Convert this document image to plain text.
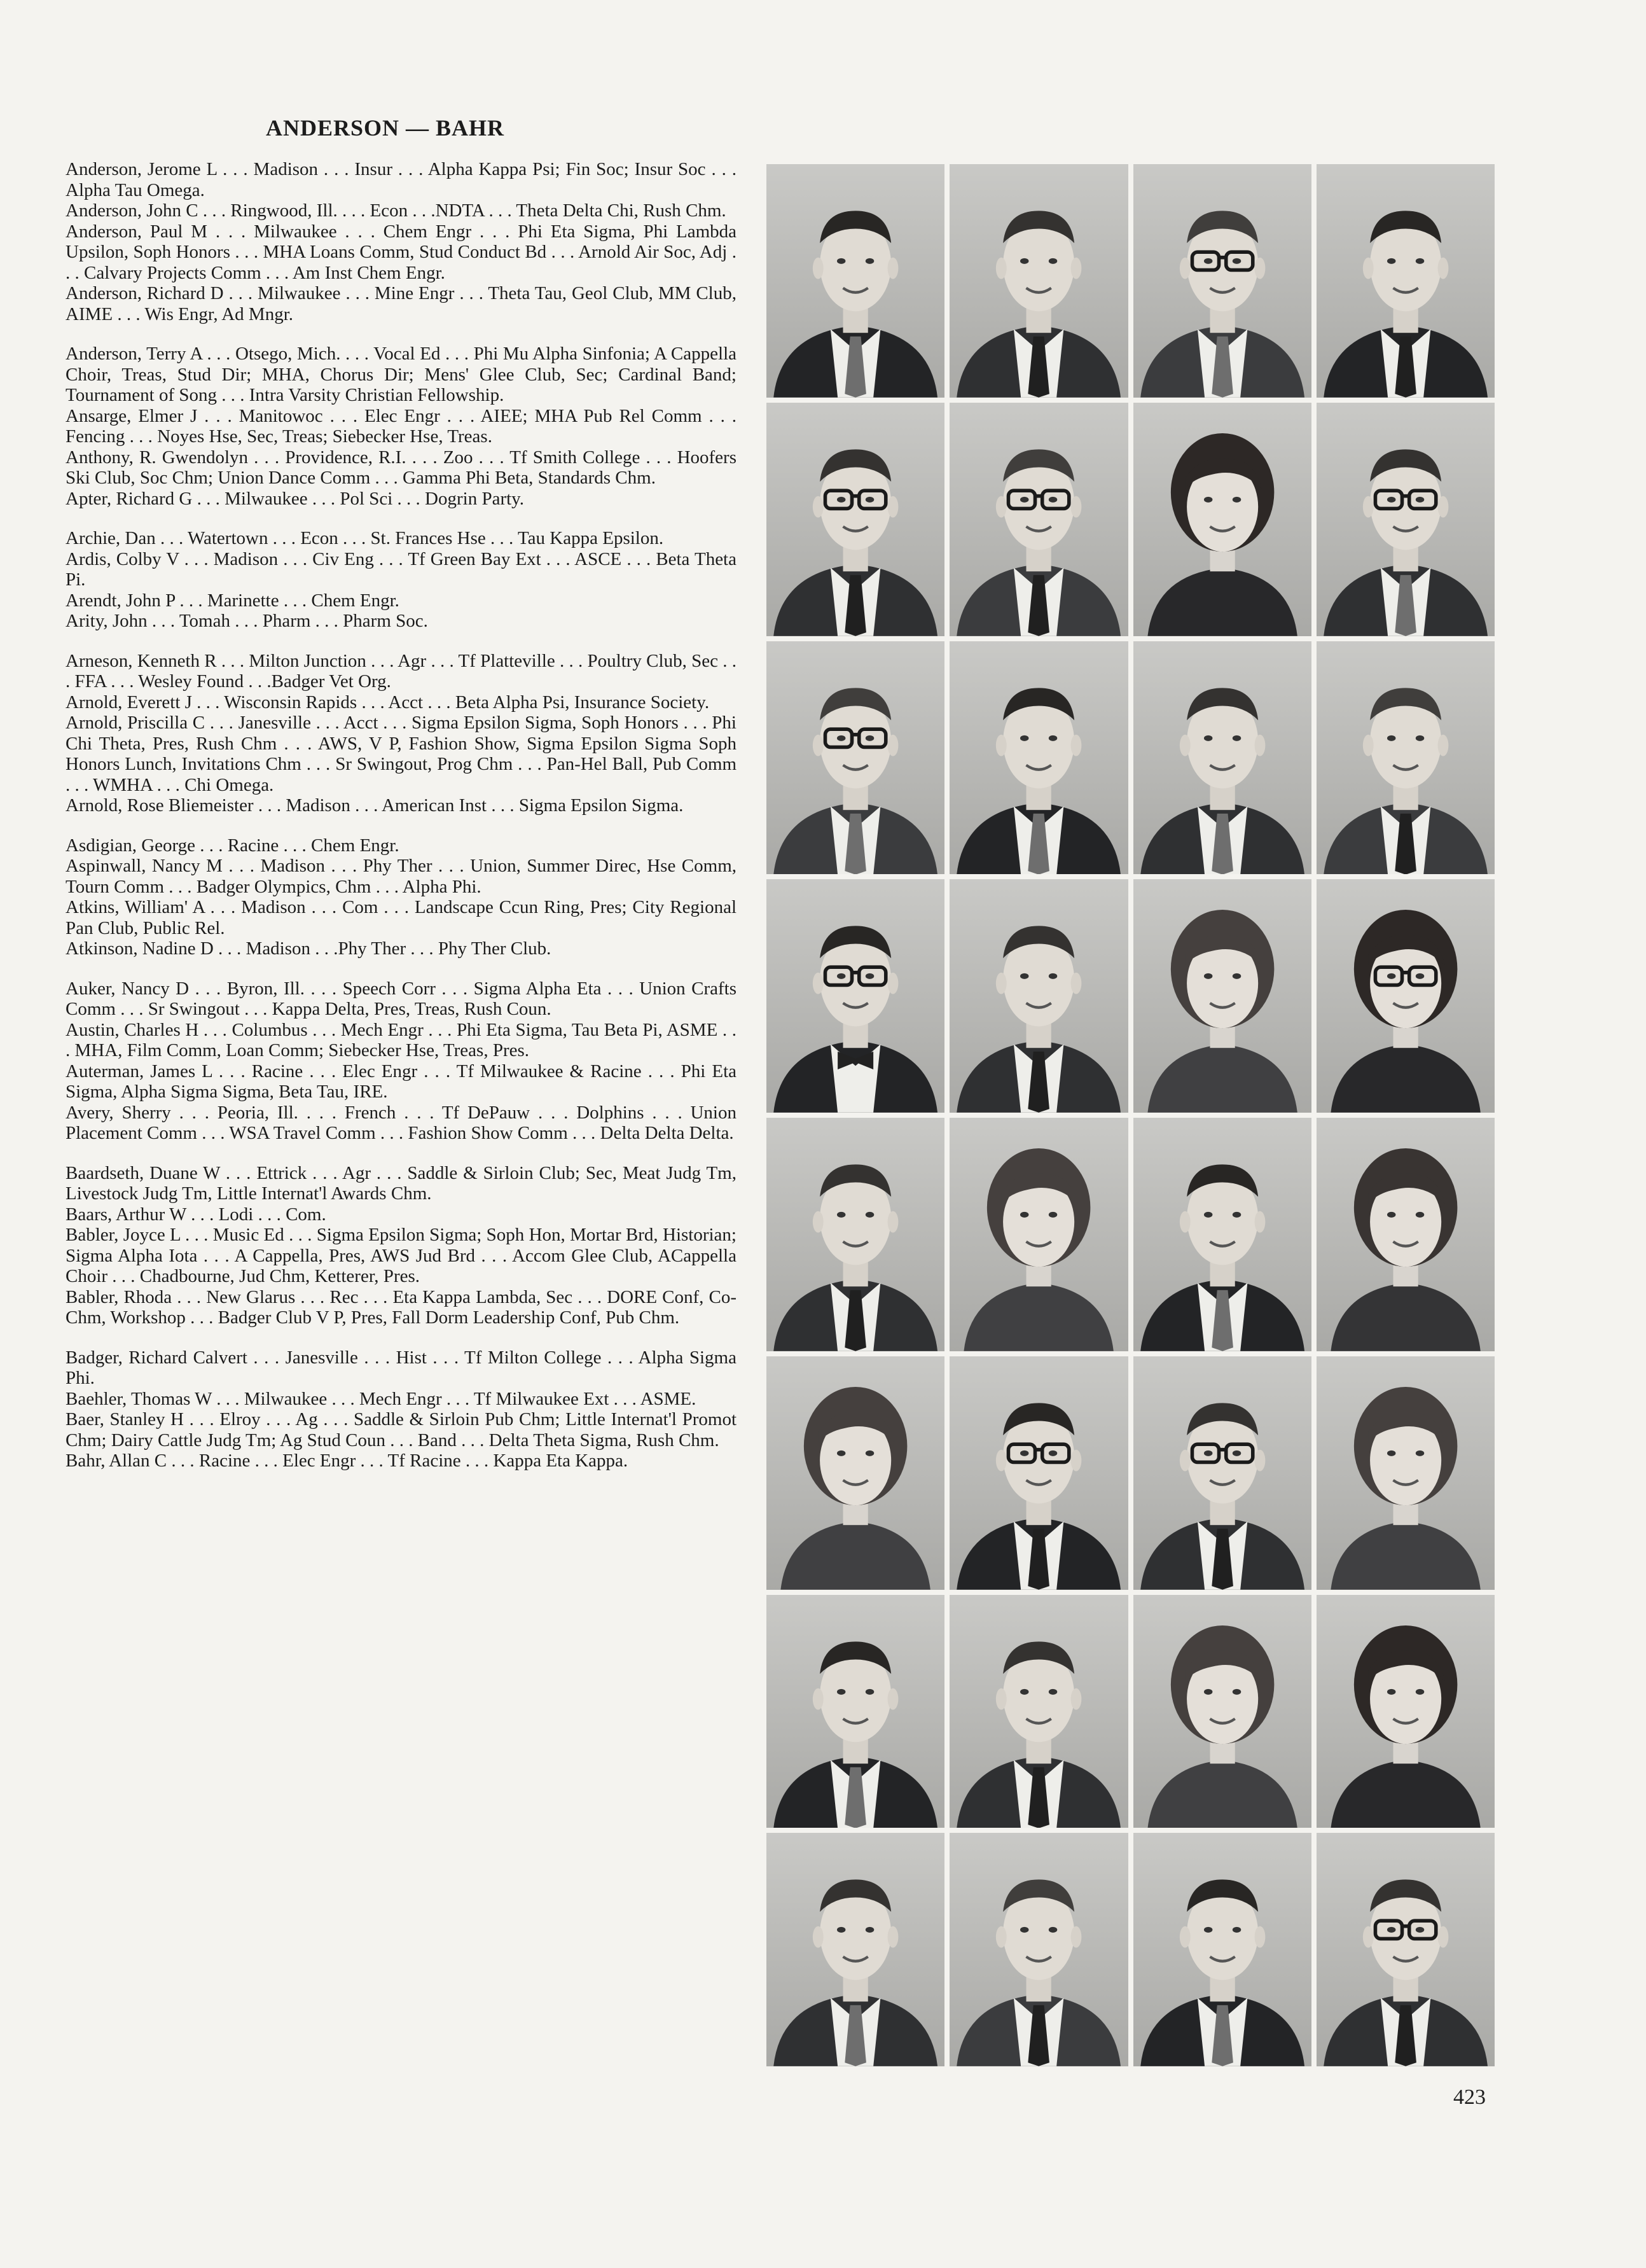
ANDERSON — BAHR

Anderson, Jerome L . . . Madison . . . Insur . . . Alpha Kappa Psi; Fin Soc; Insur Soc . . . Alpha Tau Omega.

Anderson, John C . . . Ringwood, Ill. . . . Econ . . .NDTA . . . Theta Delta Chi, Rush Chm.

Anderson, Paul M . . . Milwaukee . . . Chem Engr . . . Phi Eta Sigma, Phi Lambda Upsilon, Soph Honors . . . MHA Loans Comm, Stud Conduct Bd . . . Arnold Air Soc, Adj . . . Calvary Projects Comm . . . Am Inst Chem Engr.

Anderson, Richard D . . . Milwaukee . . . Mine Engr . . . Theta Tau, Geol Club, MM Club, AIME . . . Wis Engr, Ad Mngr.

Anderson, Terry A . . . Otsego, Mich. . . . Vocal Ed . . . Phi Mu Alpha Sinfonia; A Cappella Choir, Treas, Stud Dir; MHA, Chorus Dir; Mens' Glee Club, Sec; Cardinal Band; Tournament of Song . . . Intra Varsity Christian Fellowship.

Ansarge, Elmer J . . . Manitowoc . . . Elec Engr . . . AIEE; MHA Pub Rel Comm . . . Fencing . . . Noyes Hse, Sec, Treas; Siebecker Hse, Treas.

Anthony, R. Gwendolyn . . . Providence, R.I. . . . Zoo . . . Tf Smith College . . . Hoofers Ski Club, Soc Chm; Union Dance Comm . . . Gamma Phi Beta, Standards Chm.

Apter, Richard G . . . Milwaukee . . . Pol Sci . . . Dogrin Party.

Archie, Dan . . . Watertown . . . Econ . . . St. Frances Hse . . . Tau Kappa Epsilon.

Ardis, Colby V . . . Madison . . . Civ Eng . . . Tf Green Bay Ext . . . ASCE . . . Beta Theta Pi.

Arendt, John P . . . Marinette . . . Chem Engr.

Arity, John . . . Tomah . . . Pharm . . . Pharm Soc.

Arneson, Kenneth R . . . Milton Junction . . . Agr . . . Tf Platteville . . . Poultry Club, Sec . . . FFA . . . Wesley Found . . .Badger Vet Org.

Arnold, Everett J . . . Wisconsin Rapids . . . Acct . . . Beta Alpha Psi, Insurance Society.

Arnold, Priscilla C . . . Janesville . . . Acct . . . Sigma Epsilon Sigma, Soph Honors . . . Phi Chi Theta, Pres, Rush Chm . . . AWS, V P, Fashion Show, Sigma Epsilon Sigma Soph Honors Lunch, Invitations Chm . . . Sr Swingout, Prog Chm . . . Pan-Hel Ball, Pub Comm . . . WMHA . . . Chi Omega.

Arnold, Rose Bliemeister . . . Madison . . . American Inst . . . Sigma Epsilon Sigma.

Asdigian, George . . . Racine . . . Chem Engr.

Aspinwall, Nancy M . . . Madison . . . Phy Ther . . . Union, Summer Direc, Hse Comm, Tourn Comm . . . Badger Olympics, Chm . . . Alpha Phi.

Atkins, William' A . . . Madison . . . Com . . . Landscape Ccun Ring, Pres; City Regional Pan Club, Public Rel.

Atkinson, Nadine D . . . Madison . . .Phy Ther . . . Phy Ther Club.

Auker, Nancy D . . . Byron, Ill. . . . Speech Corr . . . Sigma Alpha Eta . . . Union Crafts Comm . . . Sr Swingout . . . Kappa Delta, Pres, Treas, Rush Coun.

Austin, Charles H . . . Columbus . . . Mech Engr . . . Phi Eta Sigma, Tau Beta Pi, ASME . . . MHA, Film Comm, Loan Comm; Siebecker Hse, Treas, Pres.

Auterman, James L . . . Racine . . . Elec Engr . . . Tf Milwaukee & Racine . . . Phi Eta Sigma, Alpha Sigma Sigma, Beta Tau, IRE.

Avery, Sherry . . . Peoria, Ill. . . . French . . . Tf DePauw . . . Dolphins . . . Union Placement Comm . . . WSA Travel Comm . . . Fashion Show Comm . . . Delta Delta Delta.

Baardseth, Duane W . . . Ettrick . . . Agr . . . Saddle & Sirloin Club; Sec, Meat Judg Tm, Livestock Judg Tm, Little Internat'l Awards Chm.

Baars, Arthur W . . . Lodi . . . Com.

Babler, Joyce L . . . Music Ed . . . Sigma Epsilon Sigma; Soph Hon, Mortar Brd, Historian; Sigma Alpha Iota . . . A Cappella, Pres, AWS Jud Brd . . . Accom Glee Club, ACappella Choir . . . Chadbourne, Jud Chm, Ketterer, Pres.

Babler, Rhoda . . . New Glarus . . . Rec . . . Eta Kappa Lambda, Sec . . . DORE Conf, Co-Chm, Workshop . . . Badger Club V P, Pres, Fall Dorm Leadership Conf, Pub Chm.

Badger, Richard Calvert . . . Janesville . . . Hist . . . Tf Milton College . . . Alpha Sigma Phi.

Baehler, Thomas W . . . Milwaukee . . . Mech Engr . . . Tf Milwaukee Ext . . . ASME.

Baer, Stanley H . . . Elroy . . . Ag . . . Saddle & Sirloin Pub Chm; Little Internat'l Promot Chm; Dairy Cattle Judg Tm; Ag Stud Coun . . . Band . . . Delta Theta Sigma, Rush Chm.

Bahr, Allan C . . . Racine . . . Elec Engr . . . Tf Racine . . . Kappa Eta Kappa.

423
